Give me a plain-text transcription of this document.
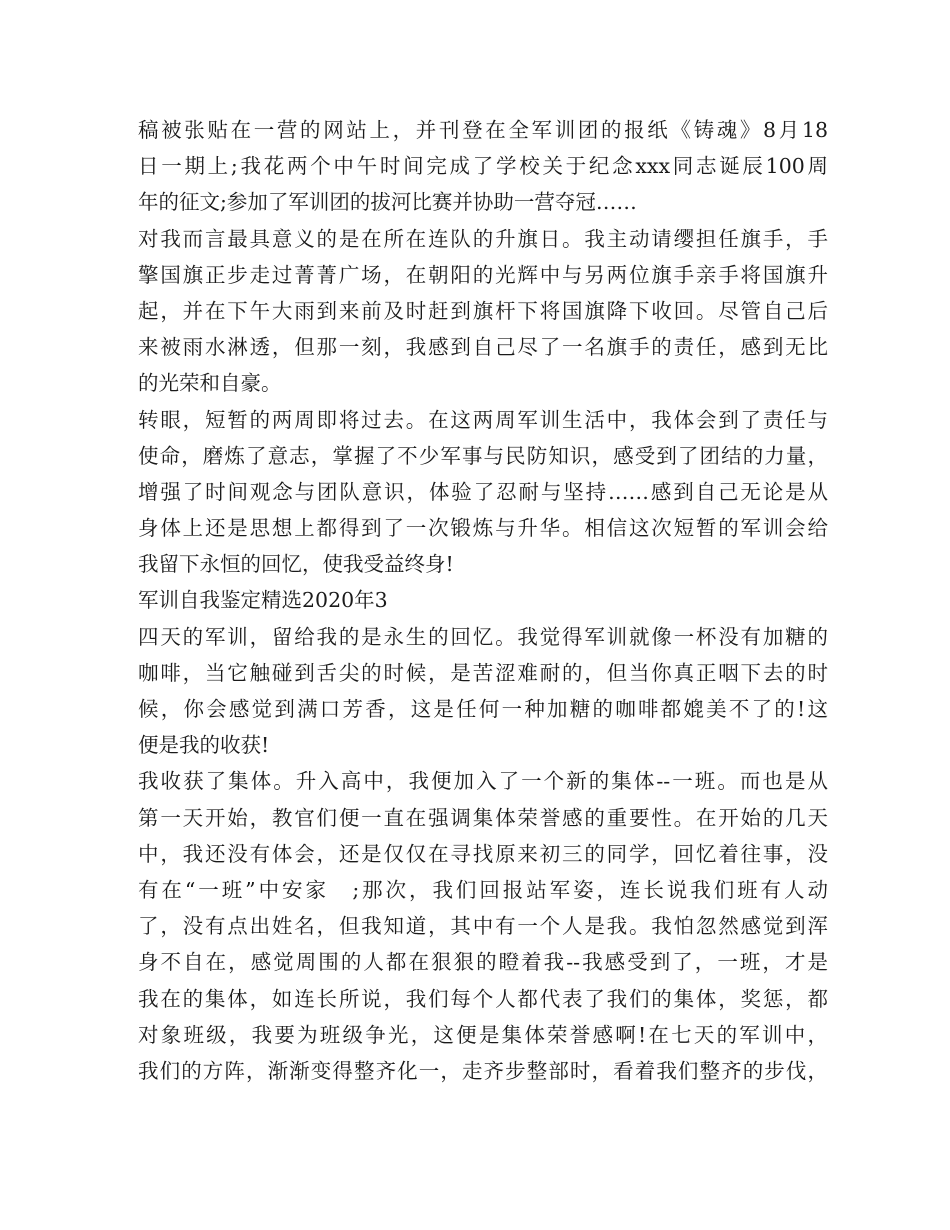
稿被张贴在一营的网站上，并刊登在全军训团的报纸《铸魂》8月18
日一期上;我花两个中午时间完成了学校关于纪念xxx同志诞辰100周
年的征文;参加了军训团的拔河比赛并协助一营夺冠……
对我而言最具意义的是在所在连队的升旗日。我主动请缨担任旗手，手
擎国旗正步走过菁菁广场，在朝阳的光辉中与另两位旗手亲手将国旗升
起，并在下午大雨到来前及时赶到旗杆下将国旗降下收回。尽管自己后
来被雨水淋透，但那一刻，我感到自己尽了一名旗手的责任，感到无比
的光荣和自豪。
转眼，短暂的两周即将过去。在这两周军训生活中，我体会到了责任与
使命，磨炼了意志，掌握了不少军事与民防知识，感受到了团结的力量，
增强了时间观念与团队意识，体验了忍耐与坚持……感到自己无论是从
身体上还是思想上都得到了一次锻炼与升华。相信这次短暂的军训会给
我留下永恒的回忆，使我受益终身!
军训自我鉴定精选2020年3
四天的军训，留给我的是永生的回忆。我觉得军训就像一杯没有加糖的
咖啡，当它触碰到舌尖的时候，是苦涩难耐的，但当你真正咽下去的时
候，你会感觉到满口芳香，这是任何一种加糖的咖啡都媲美不了的!这
便是我的收获!
我收获了集体。升入高中，我便加入了一个新的集体--一班。而也是从
第一天开始，教官们便一直在强调集体荣誉感的重要性。在开始的几天
中，我还没有体会，还是仅仅在寻找原来初三的同学，回忆着往事，没
有在“一班”中安家　;那次，我们回报站军姿，连长说我们班有人动
了，没有点出姓名，但我知道，其中有一个人是我。我怕忽然感觉到浑
身不自在，感觉周围的人都在狠狠的瞪着我--我感受到了，一班，才是
我在的集体，如连长所说，我们每个人都代表了我们的集体，奖惩，都
对象班级，我要为班级争光，这便是集体荣誉感啊!在七天的军训中，
我们的方阵，渐渐变得整齐化一，走齐步整部时，看着我们整齐的步伐，
